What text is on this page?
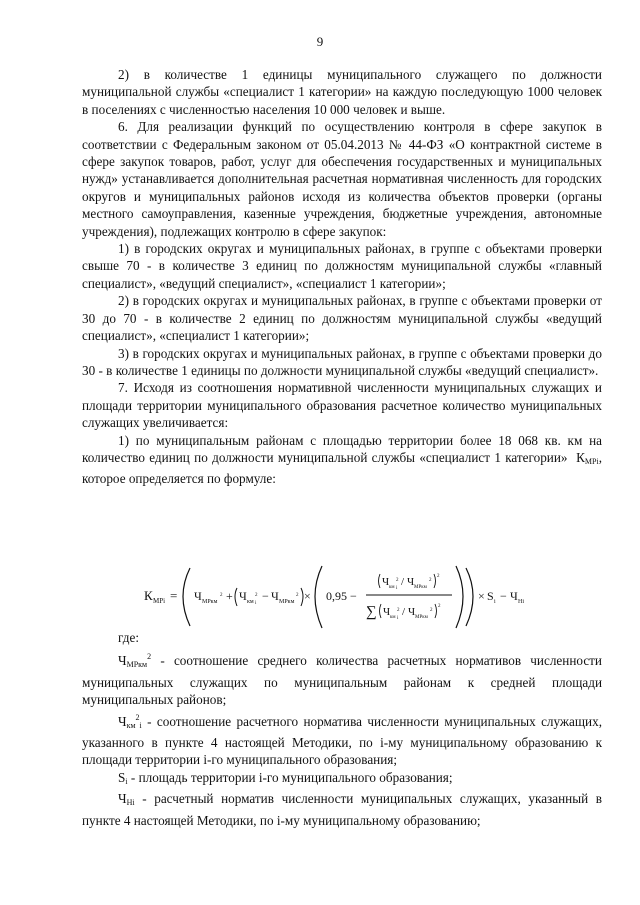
9

2) в количестве 1 единицы муниципального служащего по должности муниципальной службы «специалист 1 категории» на каждую последующую 1000 человек в поселениях с численностью населения 10 000 человек и выше.

6. Для реализации функций по осуществлению контроля в сфере закупок в соответствии с Федеральным законом от 05.04.2013 № 44-ФЗ «О контрактной системе в сфере закупок товаров, работ, услуг для обеспечения государственных и муниципальных нужд» устанавливается дополнительная расчетная нормативная численность для городских округов и муниципальных районов исходя из количества объектов проверки (органы местного самоуправления, казенные учреждения, бюджетные учреждения, автономные учреждения), подлежащих контролю в сфере закупок:

1) в городских округах и муниципальных районах, в группе с объектами проверки свыше 70 - в количестве 3 единиц по должностям муниципальной службы «главный специалист», «ведущий специалист», «специалист 1 категории»;

2) в городских округах и муниципальных районах, в группе с объектами проверки от 30 до 70 - в количестве 2 единиц по должностям муниципальной службы «ведущий специалист», «специалист 1 категории»;

3) в городских округах и муниципальных районах, в группе с объектами проверки до 30 - в количестве 1 единицы по должности муниципальной службы «ведущий специалист».

7. Исходя из соотношения нормативной численности муниципальных служащих и площади территории муниципального образования расчетное количество муниципальных служащих увеличивается:

1) по муниципальным районам с площадью территории более 18 068 кв. км на количество единиц по должности муниципальной службы «специалист 1 категории» $К_{МРi}$, которое определяется по формуле:

К МРi = Ч МРкм
2 + Ч км
2
i
− Ч МРкм
2 × 0,95 −
Ч км
2
i
/ Ч МРкм
2
2
∑ Ч км
2
i
/ Ч МРкм
2
2
× S i − Ч Нi

где:

$Ч_{МРкм}^2$ - соотношение среднего количества расчетных нормативов численности муниципальных служащих по муниципальным районам к средней площади муниципальных районов;

$Ч_{км}^2_i$ - соотношение расчетного норматива численности муниципальных служащих, указанного в пункте 4 настоящей Методики, по i-му муниципальному образованию к площади территории i-го муниципального образования;

$S_i$ - площадь территории i-го муниципального образования;

$Ч_{Нi}$ - расчетный норматив численности муниципальных служащих, указанный в пункте 4 настоящей Методики, по i-му муниципальному образованию;
